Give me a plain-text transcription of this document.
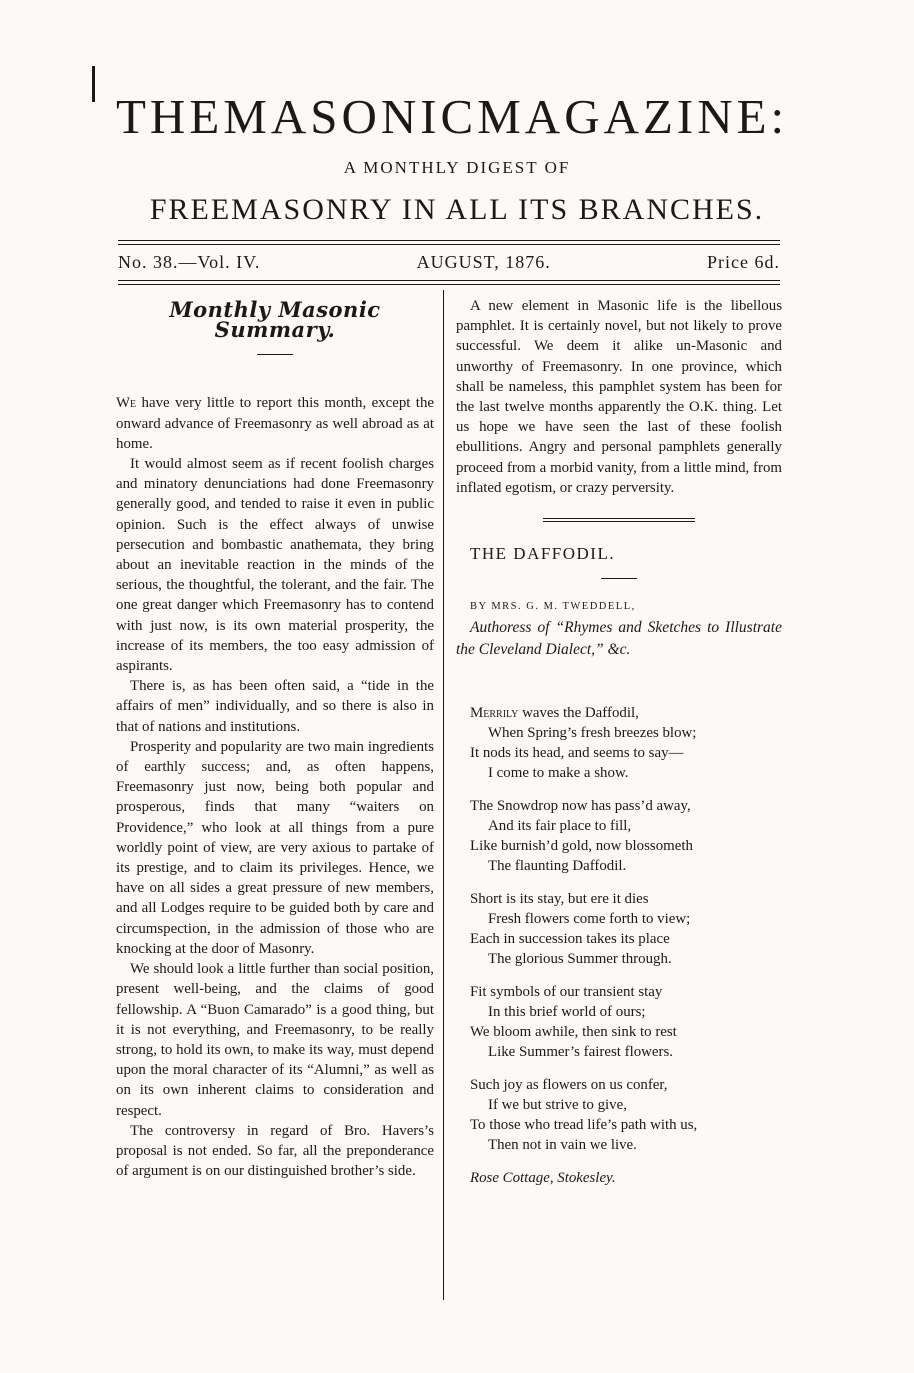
THE MASONIC MAGAZINE:
A MONTHLY DIGEST OF
FREEMASONRY IN ALL ITS BRANCHES.
No. 38.—Vol. IV.	AUGUST, 1876.	Price 6d.
Monthly Masonic Summary.

We have very little to report this month, except the onward advance of Freemasonry as well abroad as at home.

It would almost seem as if recent foolish charges and minatory denunciations had done Freemasonry generally good, and tended to raise it even in public opinion. Such is the effect always of unwise persecution and bombastic anathemata, they bring about an inevitable reaction in the minds of the serious, the thoughtful, the tolerant, and the fair. The one great danger which Freemasonry has to contend with just now, is its own material prosperity, the increase of its members, the too easy admission of aspirants.

There is, as has been often said, a “tide in the affairs of men” individually, and so there is also in that of nations and institutions.

Prosperity and popularity are two main ingredients of earthly success; and, as often happens, Freemasonry just now, being both popular and prosperous, finds that many “waiters on Providence,” who look at all things from a pure worldly point of view, are very axious to partake of its prestige, and to claim its privileges. Hence, we have on all sides a great pressure of new members, and all Lodges require to be guided both by care and circumspection, in the admission of those who are knocking at the door of Masonry.

We should look a little further than social position, present well-being, and the claims of good fellowship. A “Buon Camarado” is a good thing, but it is not everything, and Freemasonry, to be really strong, to hold its own, to make its way, must depend upon the moral character of its “Alumni,” as well as on its own inherent claims to consideration and respect.

The controversy in regard of Bro. Havers’s proposal is not ended. So far, all the preponderance of argument is on our distinguished brother’s side.

A new element in Masonic life is the libellous pamphlet. It is certainly novel, but not likely to prove successful. We deem it alike un-Masonic and unworthy of Freemasonry. In one province, which shall be nameless, this pamphlet system has been for the last twelve months apparently the O.K. thing. Let us hope we have seen the last of these foolish ebullitions. Angry and personal pamphlets generally proceed from a morbid vanity, from a little mind, from inflated egotism, or crazy perversity.

THE DAFFODIL.

BY MRS. G. M. TWEDDELL,

Authoress of “Rhymes and Sketches to Illustrate the Cleveland Dialect,” &c.

Merrily waves the Daffodil,

When Spring’s fresh breezes blow;

It nods its head, and seems to say—

I come to make a show.

The Snowdrop now has pass’d away,

And its fair place to fill,

Like burnish’d gold, now blossometh

The flaunting Daffodil.

Short is its stay, but ere it dies

Fresh flowers come forth to view;

Each in succession takes its place

The glorious Summer through.

Fit symbols of our transient stay

In this brief world of ours;

We bloom awhile, then sink to rest

Like Summer’s fairest flowers.

Such joy as flowers on us confer,

If we but strive to give,

To those who tread life’s path with us,

Then not in vain we live.

Rose Cottage, Stokesley.
